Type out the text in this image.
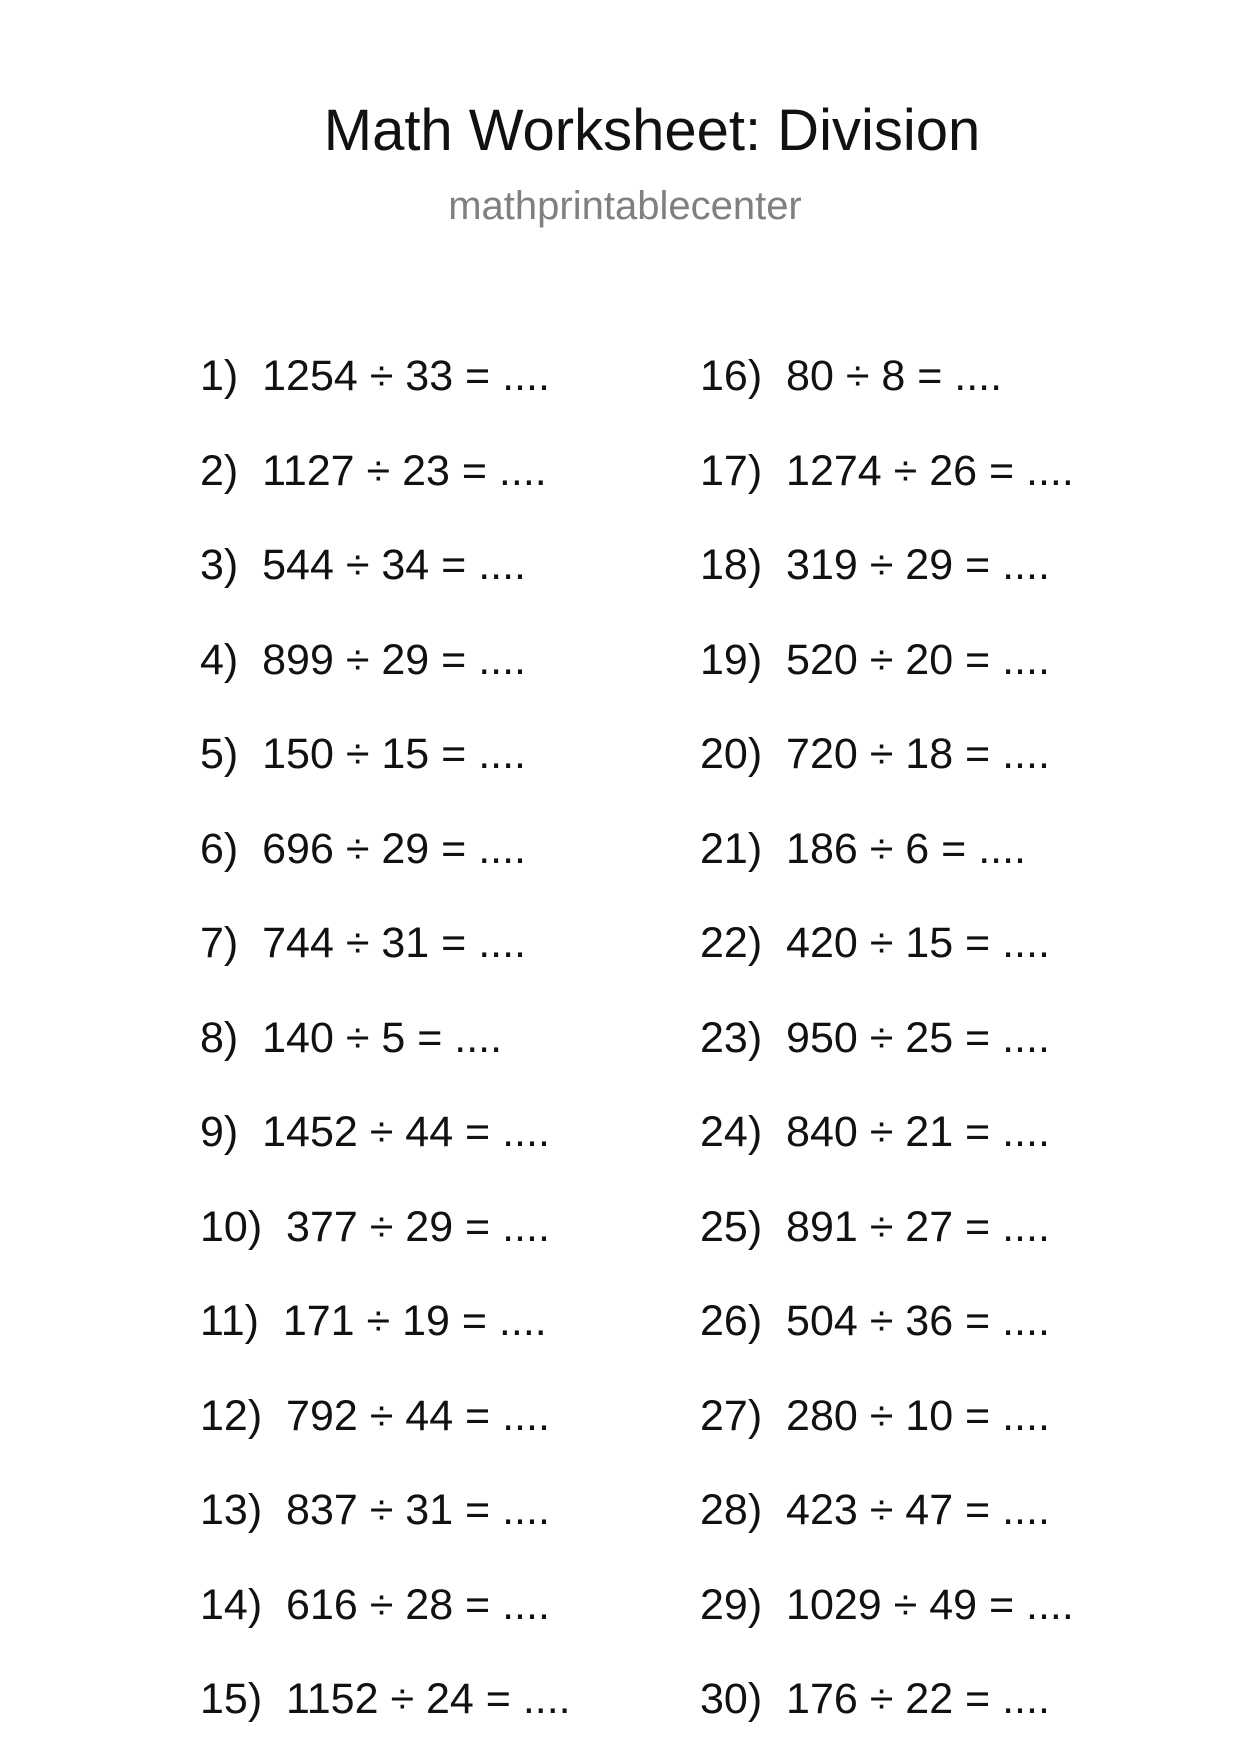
Math Worksheet: Division
mathprintablecenter
1)  1254 ÷ 33 = ....
2)  1127 ÷ 23 = ....
3)  544 ÷ 34 = ....
4)  899 ÷ 29 = ....
5)  150 ÷ 15 = ....
6)  696 ÷ 29 = ....
7)  744 ÷ 31 = ....
8)  140 ÷ 5 = ....
9)  1452 ÷ 44 = ....
10)  377 ÷ 29 = ....
11)  171 ÷ 19 = ....
12)  792 ÷ 44 = ....
13)  837 ÷ 31 = ....
14)  616 ÷ 28 = ....
15)  1152 ÷ 24 = ....
16)  80 ÷ 8 = ....
17)  1274 ÷ 26 = ....
18)  319 ÷ 29 = ....
19)  520 ÷ 20 = ....
20)  720 ÷ 18 = ....
21)  186 ÷ 6 = ....
22)  420 ÷ 15 = ....
23)  950 ÷ 25 = ....
24)  840 ÷ 21 = ....
25)  891 ÷ 27 = ....
26)  504 ÷ 36 = ....
27)  280 ÷ 10 = ....
28)  423 ÷ 47 = ....
29)  1029 ÷ 49 = ....
30)  176 ÷ 22 = ....
